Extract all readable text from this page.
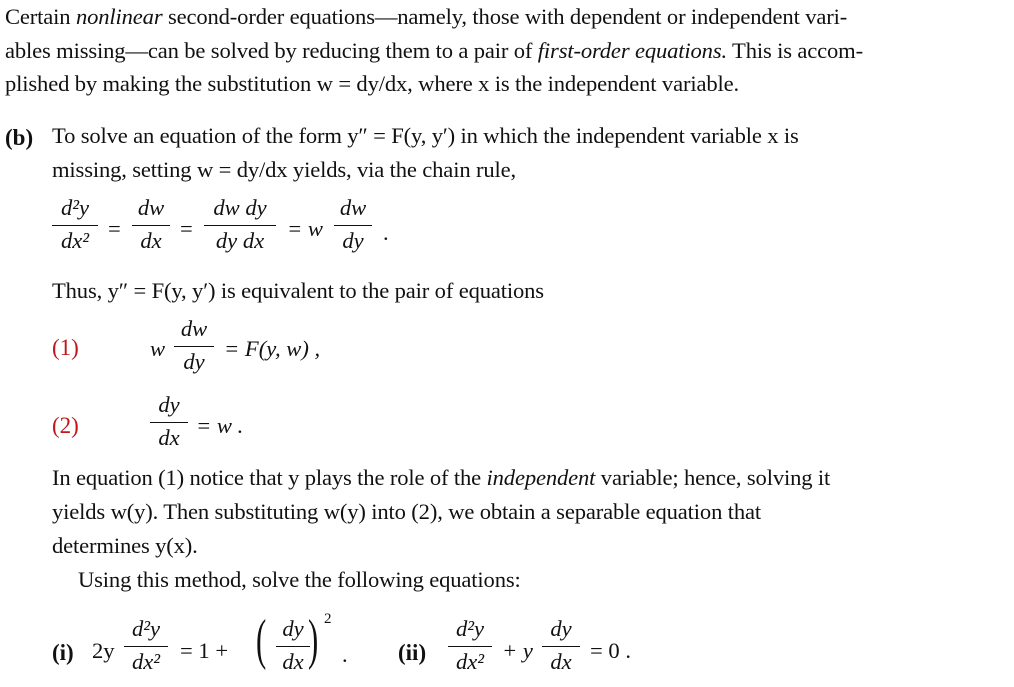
Certain nonlinear second-order equations—namely, those with dependent or independent vari-
ables missing—can be solved by reducing them to a pair of first-order equations. This is accom-
plished by making the substitution w = dy/dx, where x is the independent variable.
(b) To solve an equation of the form y″ = F(y, y′) in which the independent variable x is
missing, setting w = dy/dx yields, via the chain rule,
d²y
dx² =
dw
dx =
dw dy
dy dx	= w
dw
dy .
Thus, y″ = F(y, y′) is equivalent to the pair of equations
(1)	w
dw
dy
= F(y, w) ,
(2)
dy
dx = w .
In equation (1) notice that y plays the role of the independent variable; hence, solving it
yields w(y). Then substituting w(y) into (2), we obtain a separable equation that
determines y(x).
Using this method, solve the following equations:
(i) 2y
d²y
dx² = 1 + ( dy
dx ) 2
. (ii)
d²y
dx² + y
dy
dx = 0 .
